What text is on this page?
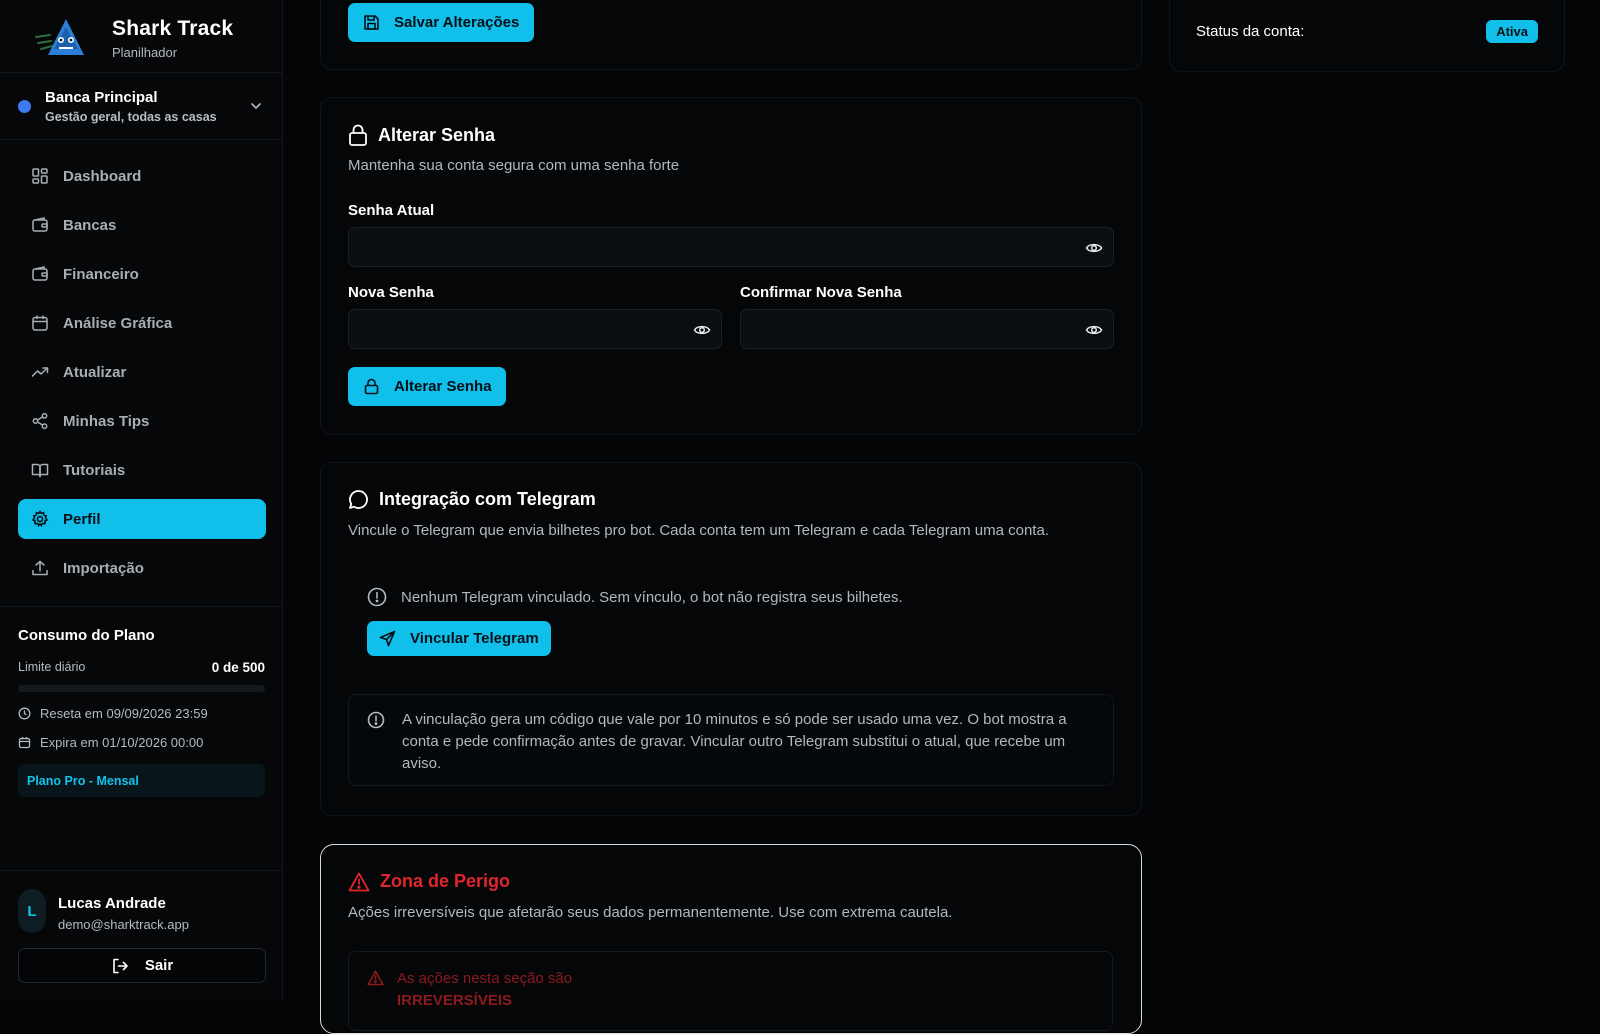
Shark Track
Planilhador
Banca Principal
Gestão geral, todas as casas
Dashboard
Bancas
Financeiro
Análise Gráfica
Atualizar
Minhas Tips
Tutoriais
Perfil
Importação
Consumo do Plano
Limite diário	0 de 500
Reseta em 09/09/2026 23:59
Expira em 01/10/2026 00:00
Plano Pro - Mensal
L	Lucas Andrade
demo@sharktrack.app
Sair
Salvar Alterações
Status da conta:	Ativa
Alterar Senha
Mantenha sua conta segura com uma senha forte
Senha Atual
Nova Senha	Confirmar Nova Senha
Alterar Senha
Integração com Telegram
Vincule o Telegram que envia bilhetes pro bot. Cada conta tem um Telegram e cada Telegram uma conta.
Nenhum Telegram vinculado. Sem vínculo, o bot não registra seus bilhetes.
Vincular Telegram
A vinculação gera um código que vale por 10 minutos e só pode ser usado uma vez. O bot mostra a conta e pede confirmação antes de gravar. Vincular outro Telegram substitui o atual, que recebe um aviso.
Zona de Perigo
Ações irreversíveis que afetarão seus dados permanentemente. Use com extrema cautela.
As ações nesta seção são
IRREVERSÍVEIS
